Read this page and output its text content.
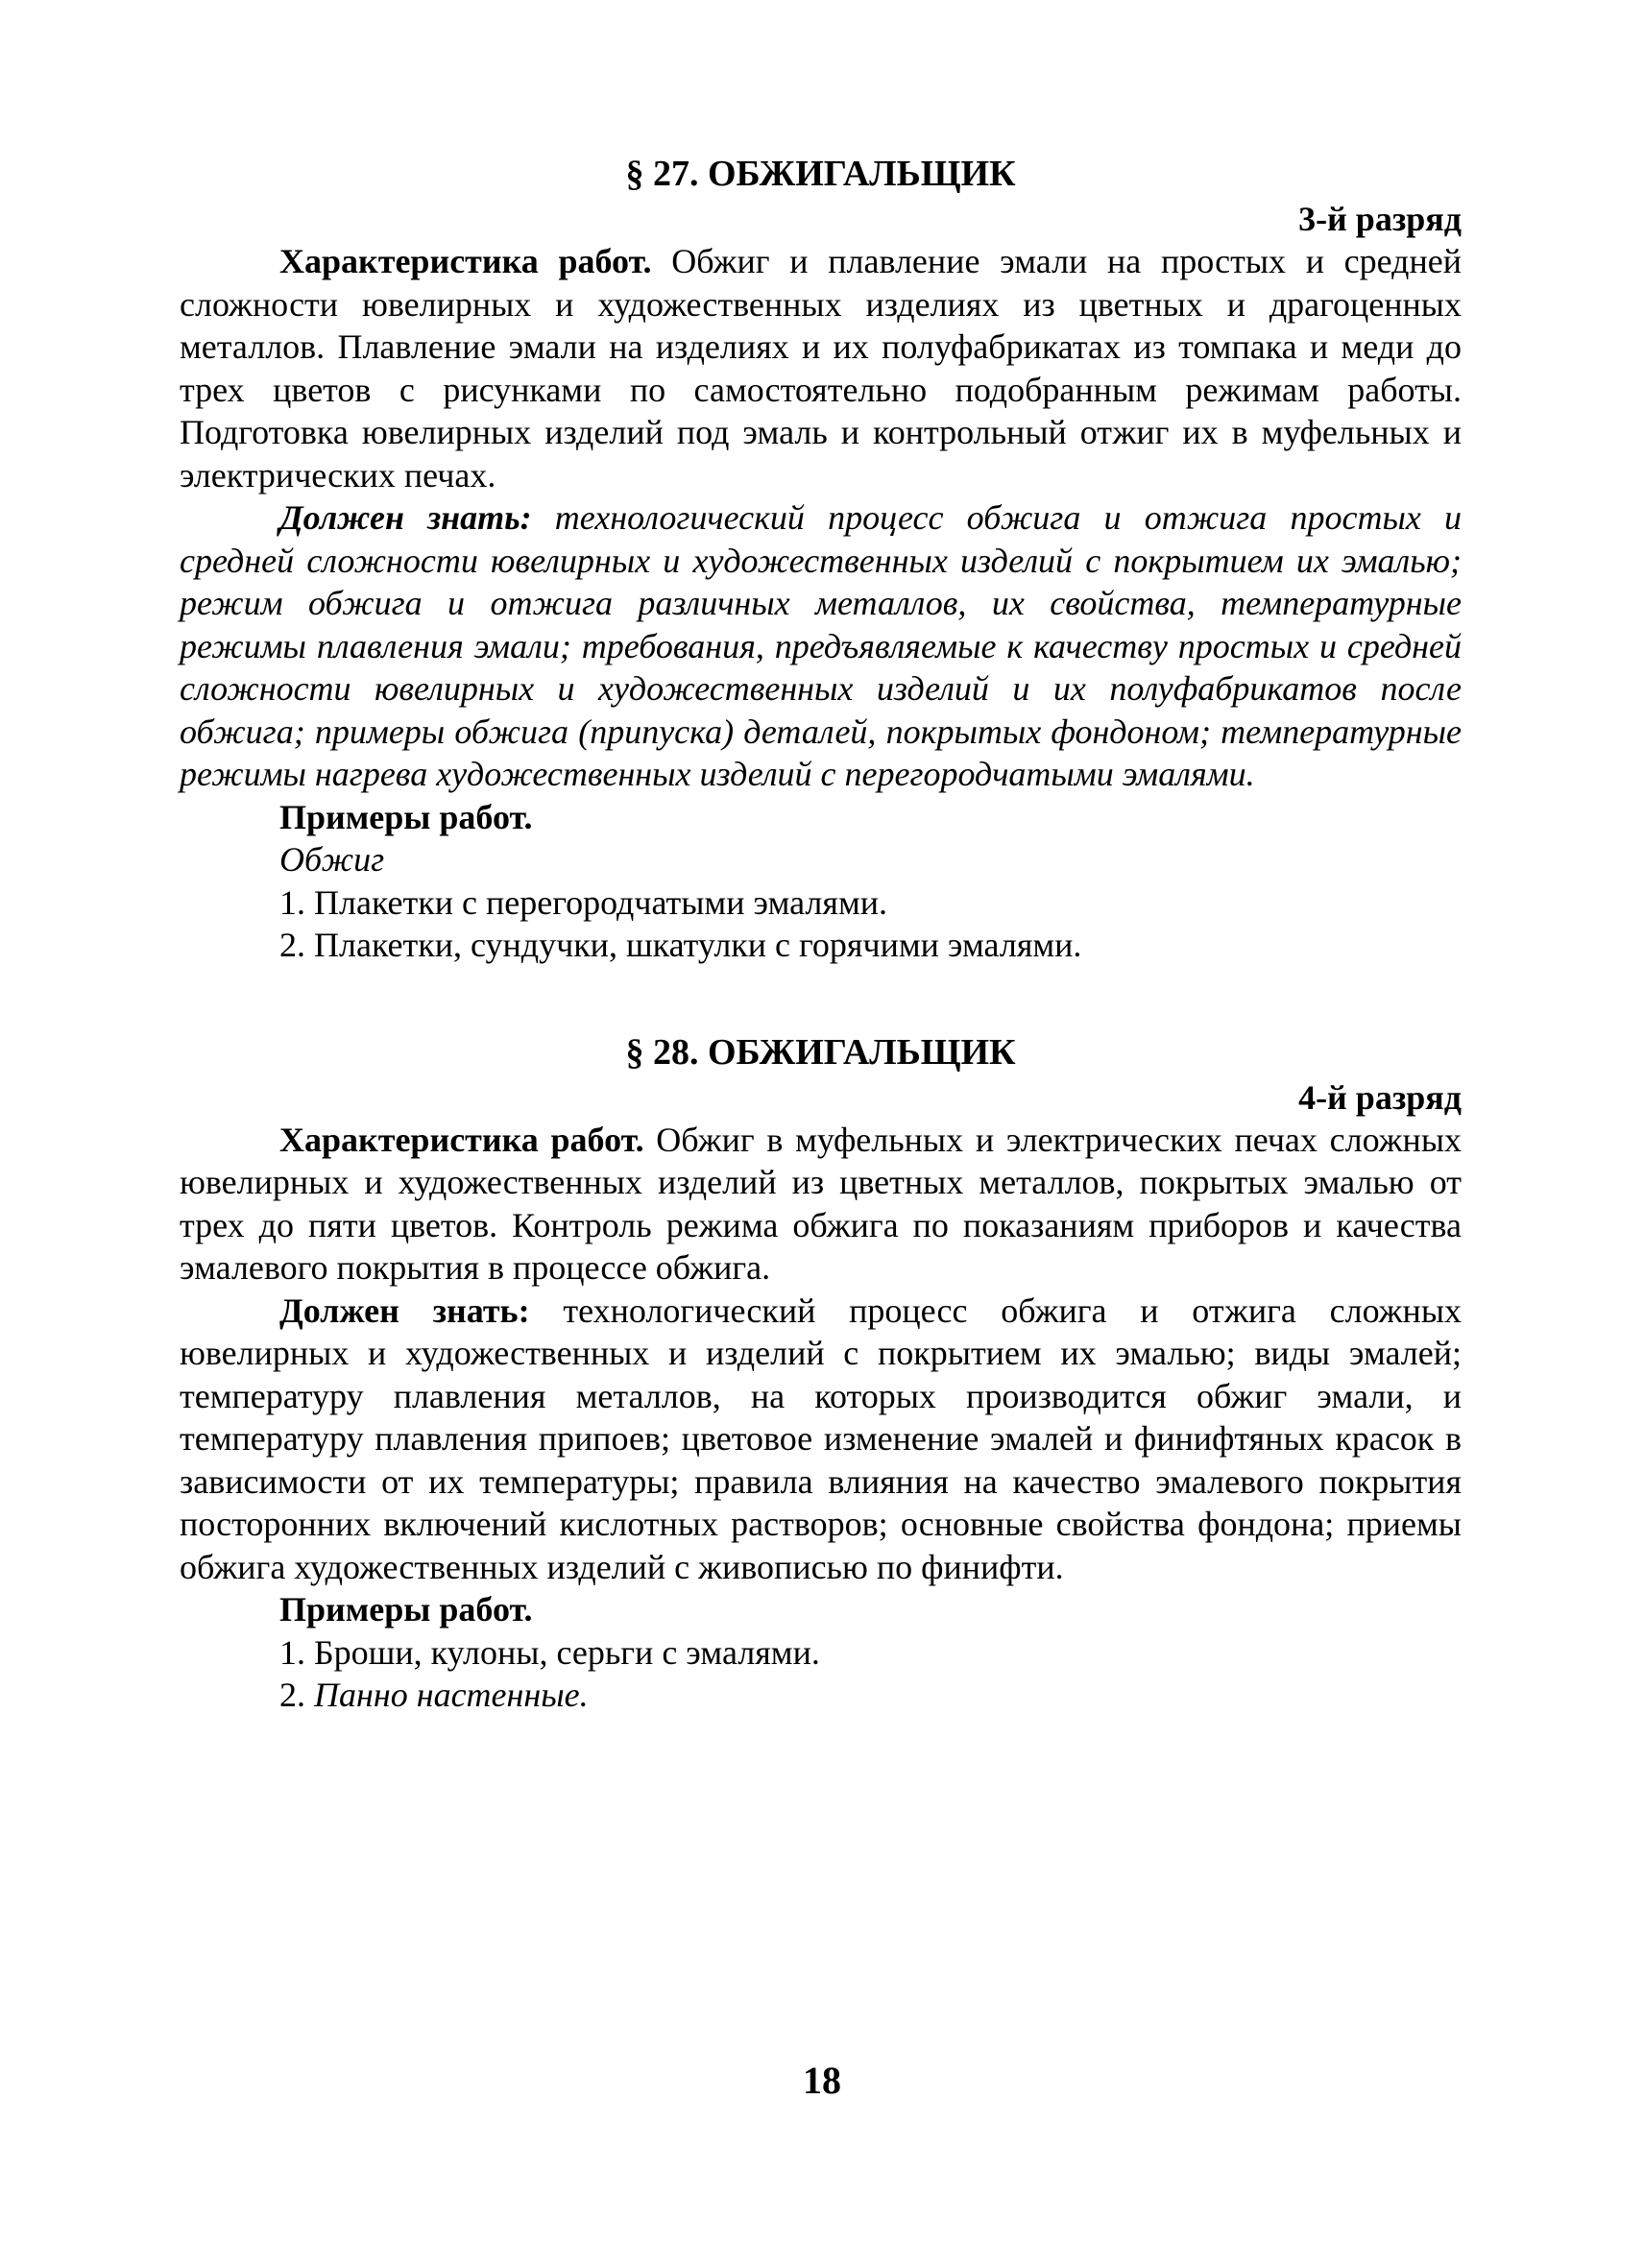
§ 27. ОБЖИГАЛЬЩИК

3-й разряд

Характеристика работ. Обжиг и плавление эмали на простых и средней сложности ювелирных и художественных изделиях из цветных и драгоценных металлов. Плавление эмали на изделиях и их полуфабрикатах из томпака и меди до трех цветов с рисунками по самостоятельно подобранным режимам работы. Подготовка ювелирных изделий под эмаль и контрольный отжиг их в муфельных и электрических печах.

Должен знать: технологический процесс обжига и отжига простых и средней сложности ювелирных и художественных изделий с покрытием их эмалью; режим обжига и отжига различных металлов, их свойства, температурные режимы плавления эмали; требования, предъявляемые к качеству простых и средней сложности ювелирных и художественных изделий и их полуфабрикатов после обжига; примеры обжига (припуска) деталей, покрытых фондоном; температурные режимы нагрева художественных изделий с перегородчатыми эмалями.

Примеры работ.

Обжиг

1. Плакетки с перегородчатыми эмалями.
2. Плакетки, сундучки, шкатулки с горячими эмалями.
§ 28. ОБЖИГАЛЬЩИК

4-й разряд

Характеристика работ. Обжиг в муфельных и электрических печах сложных ювелирных и художественных изделий из цветных металлов, покрытых эмалью от трех до пяти цветов. Контроль режима обжига по показаниям приборов и качества эмалевого покрытия в процессе обжига.

Должен знать: технологический процесс обжига и отжига сложных ювелирных и художественных и изделий с покрытием их эмалью; виды эмалей; температуру плавления металлов, на которых производится обжиг эмали, и температуру плавления припоев; цветовое изменение эмалей и финифтяных красок в зависимости от их температуры; правила влияния на качество эмалевого покрытия посторонних включений кислотных растворов; основные свойства фондона; приемы обжига художественных изделий с живописью по финифти.

Примеры работ.

1. Броши, кулоны, серьги с эмалями.
2. Панно настенные.
18
